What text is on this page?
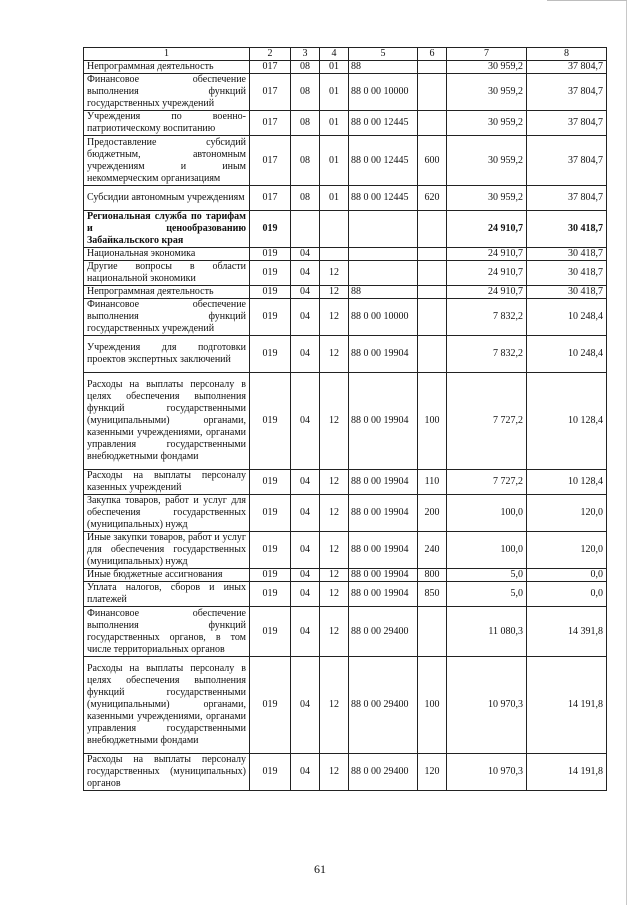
1	2	3	4	5	6	7	8
Непрограммная деятельность	017	08	01	88		30 959,2	37 804,7
Финансовое обеспечение выполнения функций государственных учреждений	017	08	01	88 0 00 10000		30 959,2	37 804,7
Учреждения по военно-патриотическому воспитанию	017	08	01	88 0 00 12445		30 959,2	37 804,7
Предоставление субсидий бюджетным, автономным учреждениям и иным некоммерческим организациям	017	08	01	88 0 00 12445	600	30 959,2	37 804,7
Субсидии автономным учреждениям	017	08	01	88 0 00 12445	620	30 959,2	37 804,7
Региональная служба по тарифам и ценообразованию Забайкальского края	019					24 910,7	30 418,7
Национальная экономика	019	04				24 910,7	30 418,7
Другие вопросы в области национальной экономики	019	04	12			24 910,7	30 418,7
Непрограммная деятельность	019	04	12	88		24 910,7	30 418,7
Финансовое обеспечение выполнения функций государственных учреждений	019	04	12	88 0 00 10000		7 832,2	10 248,4
Учреждения для подготовки проектов экспертных заключений	019	04	12	88 0 00 19904		7 832,2	10 248,4
Расходы на выплаты персоналу в целях обеспечения выполнения функций государственными (муниципальными) органами, казенными учреждениями, органами управления государственными внебюджетными фондами	019	04	12	88 0 00 19904	100	7 727,2	10 128,4
Расходы на выплаты персоналу казенных учреждений	019	04	12	88 0 00 19904	110	7 727,2	10 128,4
Закупка товаров, работ и услуг для обеспечения государственных (муниципальных) нужд	019	04	12	88 0 00 19904	200	100,0	120,0
Иные закупки товаров, работ и услуг для обеспечения государственных (муниципальных) нужд	019	04	12	88 0 00 19904	240	100,0	120,0
Иные бюджетные ассигнования	019	04	12	88 0 00 19904	800	5,0	0,0
Уплата налогов, сборов и иных платежей	019	04	12	88 0 00 19904	850	5,0	0,0
Финансовое обеспечение выполнения функций государственных органов, в том числе территориальных органов	019	04	12	88 0 00 29400		11 080,3	14 391,8
Расходы на выплаты персоналу в целях обеспечения выполнения функций государственными (муниципальными) органами, казенными учреждениями, органами управления государственными внебюджетными фондами	019	04	12	88 0 00 29400	100	10 970,3	14 191,8
Расходы на выплаты персоналу государственных (муниципальных) органов	019	04	12	88 0 00 29400	120	10 970,3	14 191,8
61
